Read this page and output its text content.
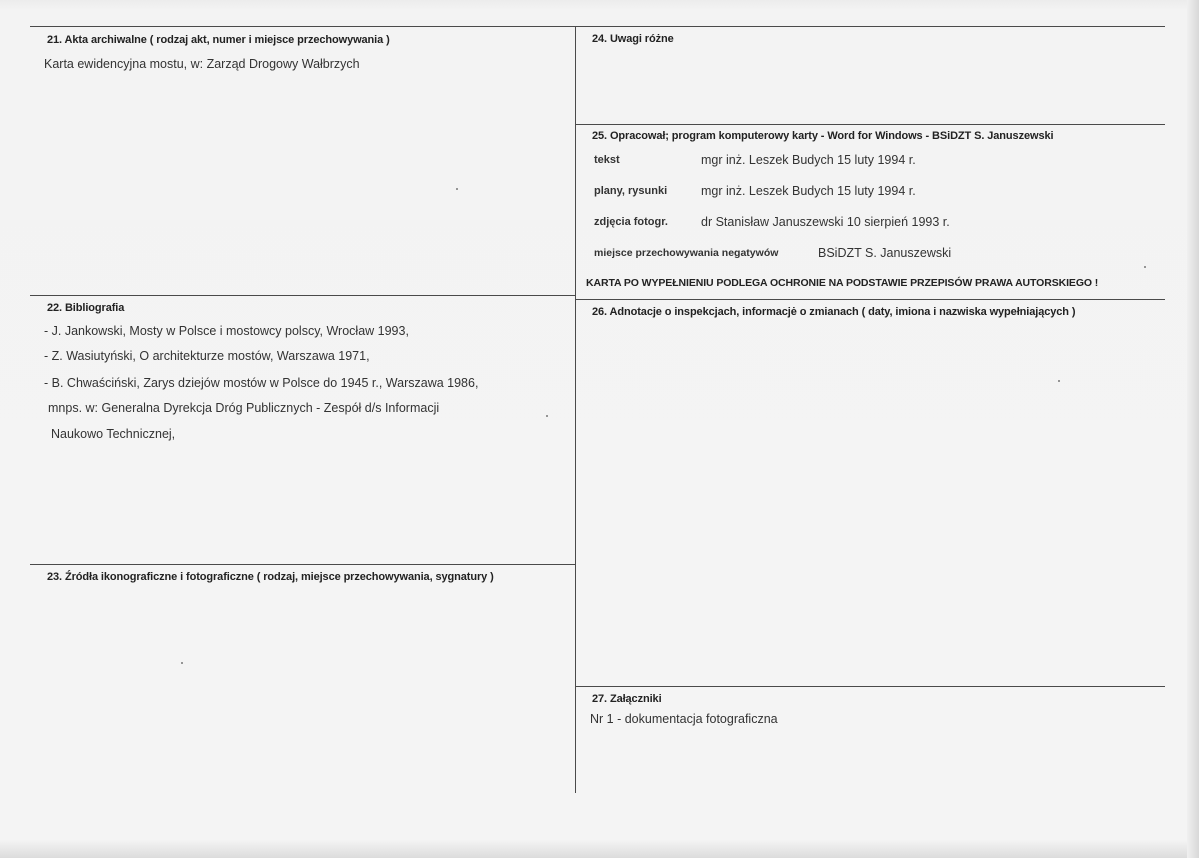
21. Akta archiwalne ( rodzaj akt, numer i miejsce przechowywania )
Karta ewidencyjna mostu, w: Zarząd Drogowy Wałbrzych
24. Uwagi różne
25. Opracował; program komputerowy karty - Word for Windows - BSiDZT S. Januszewski
tekst	mgr inż. Leszek Budych 15 luty 1994 r.
plany, rysunki	mgr inż. Leszek Budych 15 luty 1994 r.
zdjęcia fotogr.	dr Stanisław Januszewski 10 sierpień 1993 r.
miejsce przechowywania negatywów	BSiDZT S. Januszewski
KARTA PO WYPEŁNIENIU PODLEGA OCHRONIE NA PODSTAWIE PRZEPISÓW PRAWA AUTORSKIEGO !
22. Bibliografia
- J. Jankowski, Mosty w Polsce i mostowcy polscy, Wrocław 1993,
- Z. Wasiutyński, O architekturze mostów, Warszawa 1971,
- B. Chwaściński, Zarys dziejów mostów w Polsce do 1945 r., Warszawa 1986,
mnps. w: Generalna Dyrekcja Dróg Publicznych - Zespół d/s Informacji
Naukowo Technicznej,
26. Adnotacje o inspekcjach, informacjė o zmianach ( daty, imiona i nazwiska wypełniających )
23. Źródła ikonograficzne i fotograficzne ( rodzaj, miejsce przechowywania, sygnatury )
27. Załączniki
Nr 1 - dokumentacja fotograficzna
